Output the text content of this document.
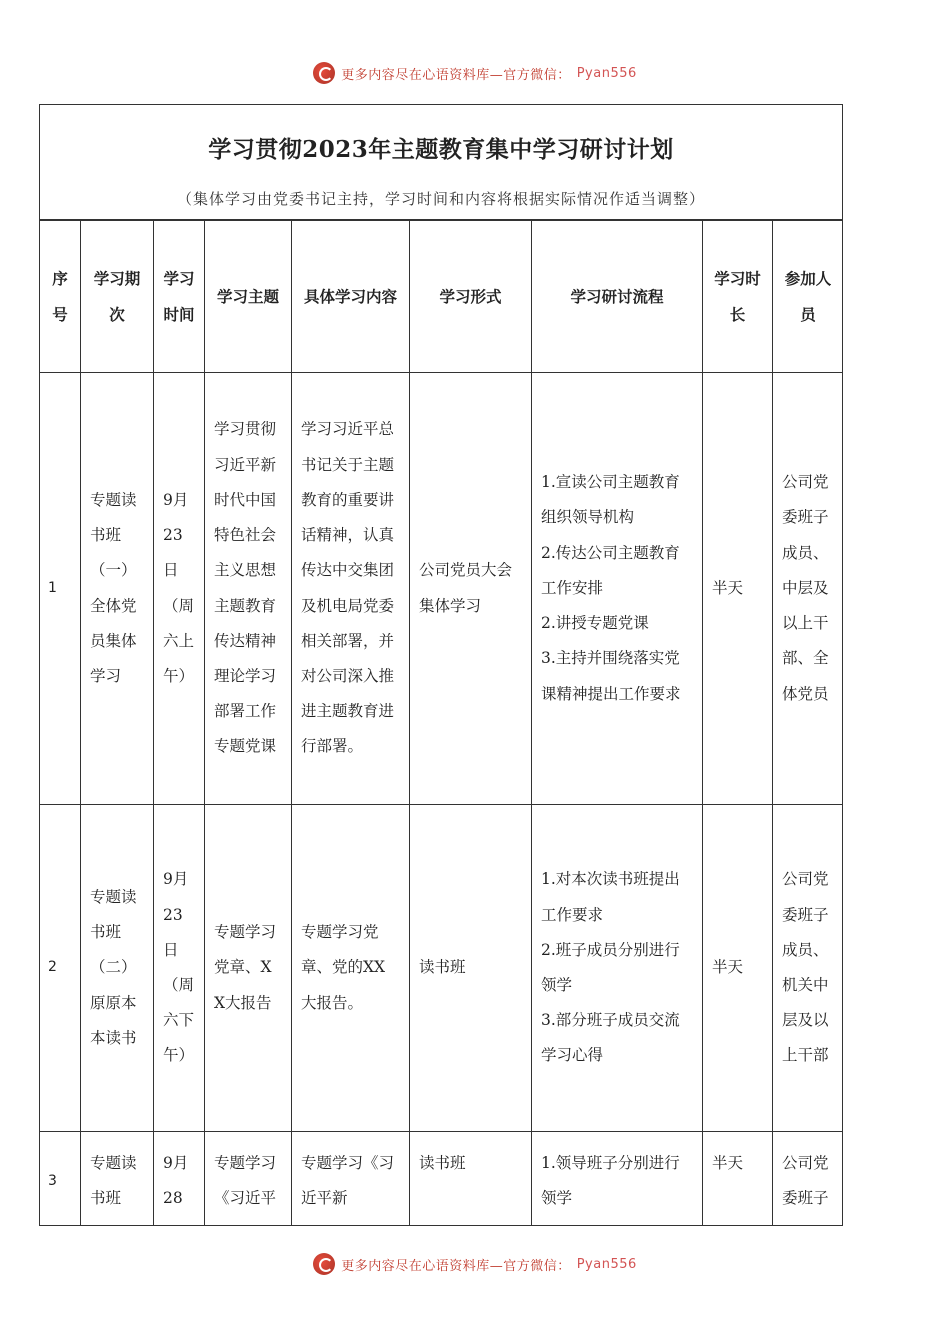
更多内容尽在心语资料库—官方微信： Pyan556
学习贯彻2023年主题教育集中学习研讨计划
（集体学习由党委书记主持，学习时间和内容将根据实际情况作适当调整）
序号	学习期次	学习时间	学习主题	具体学习内容	学习形式	学习研讨流程	学习时长	参加人员
1	专题读书班（一）全体党员集体学习	9月23日（周六上午）	学习贯彻习近平新时代中国特色社会主义思想主题教育传达精神理论学习部署工作专题党课	学习习近平总书记关于主题教育的重要讲话精神，认真传达中交集团及机电局党委相关部署，并对公司深入推进主题教育进行部署。	公司党员大会集体学习	1.宣读公司主题教育组织领导机构
2.传达公司主题教育工作安排
2.讲授专题党课
3.主持并围绕落实党课精神提出工作要求	半天	公司党委班子成员、中层及以上干部、全体党员
2	专题读书班（二）原原本本读书	9月23日（周六下午）	专题学习党章、XX大报告	专题学习党章、党的XX大报告。	读书班	1.对本次读书班提出工作要求
2.班子成员分别进行领学
3.部分班子成员交流学习心得	半天	公司党委班子成员、机关中层及以上干部
3	专题读书班	9月28	专题学习《习近平	专题学习《习近平新	读书班	1.领导班子分别进行领学	半天	公司党委班子
更多内容尽在心语资料库—官方微信： Pyan556
